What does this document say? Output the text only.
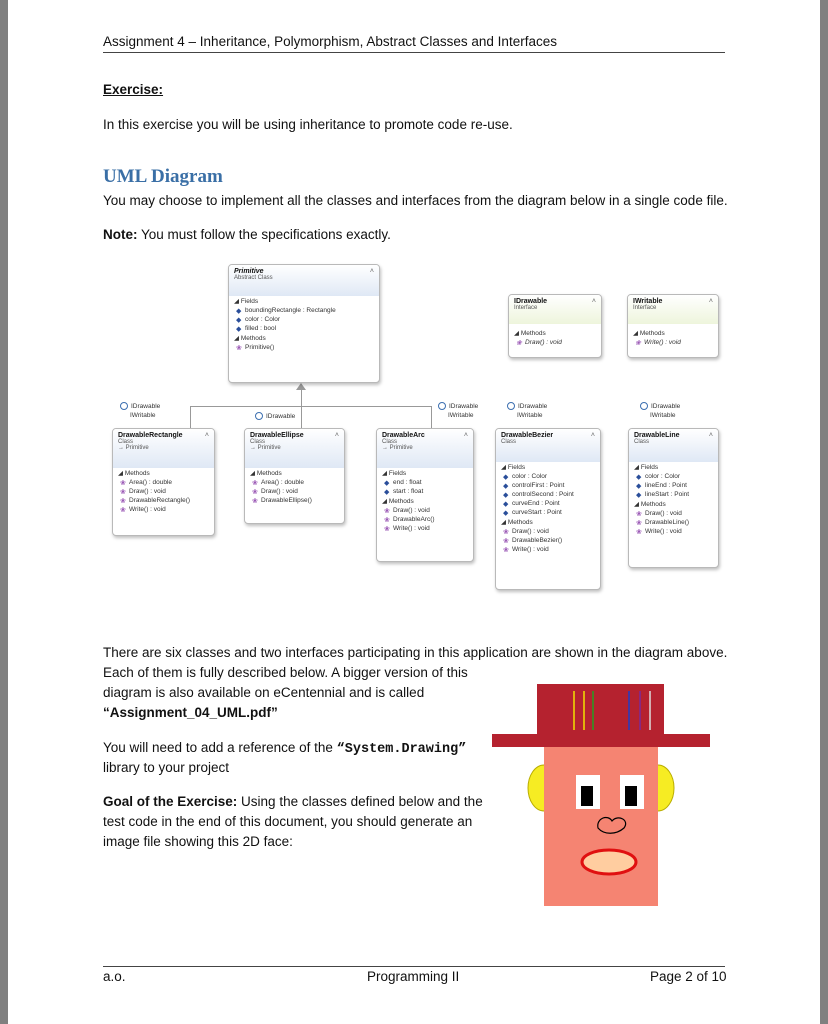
Assignment 4 – Inheritance, Polymorphism, Abstract Classes and Interfaces
Exercise:
In this exercise you will be using inheritance to promote code re-use.
UML Diagram
You may choose to implement all the classes and interfaces from the diagram below in a single code file.
Note: You must follow the specifications exactly.
Primitive
Abstract Class
˄
◢ Fields
◆ boundingRectangle : Rectangle
◆ color : Color
◆ filled : bool
◢ Methods
❀ Primitive()
IDrawable
Interface
˄
◢ Methods
❀ Draw() : void
IWritable
Interface
˄
◢ Methods
❀ Write() : void
IDrawable
IWritable	IDrawable
IDrawable
IWritable
IDrawable
IWritable
IDrawable
IWritable
DrawableRectangle
Class
→ Primitive
˄
◢ Methods
❀ Area() : double
❀ Draw() : void
❀ DrawableRectangle()
❀ Write() : void
DrawableEllipse
Class
→ Primitive
˄
◢ Methods
❀ Area() : double
❀ Draw() : void
❀ DrawableEllipse()
DrawableArc
Class
→ Primitive
˄
◢ Fields
◆ end : float
◆ start : float
◢ Methods
❀ Draw() : void
❀ DrawableArc()
❀ Write() : void
DrawableBezier
Class
˄
◢ Fields
◆ color : Color
◆ controlFirst : Point
◆ controlSecond : Point
◆ curveEnd : Point
◆ curveStart : Point
◢ Methods
❀ Draw() : void
❀ DrawableBezier()
❀ Write() : void
DrawableLine
Class
˄
◢ Fields
◆ color : Color
◆ lineEnd : Point
◆ lineStart : Point
◢ Methods
❀ Draw() : void
❀ DrawableLine()
❀ Write() : void
There are six classes and two interfaces participating in this application are shown in the diagram above.
Each of them is fully described below. A bigger version of this
diagram is also available on eCentennial and is called
“Assignment_04_UML.pdf”
You will need to add a reference of the “System.Drawing”
library to your project
Goal of the Exercise: Using the classes defined below and the
test code in the end of this document, you should generate an
image file showing this 2D face:
a.o.	Programming II	Page 2 of 10
